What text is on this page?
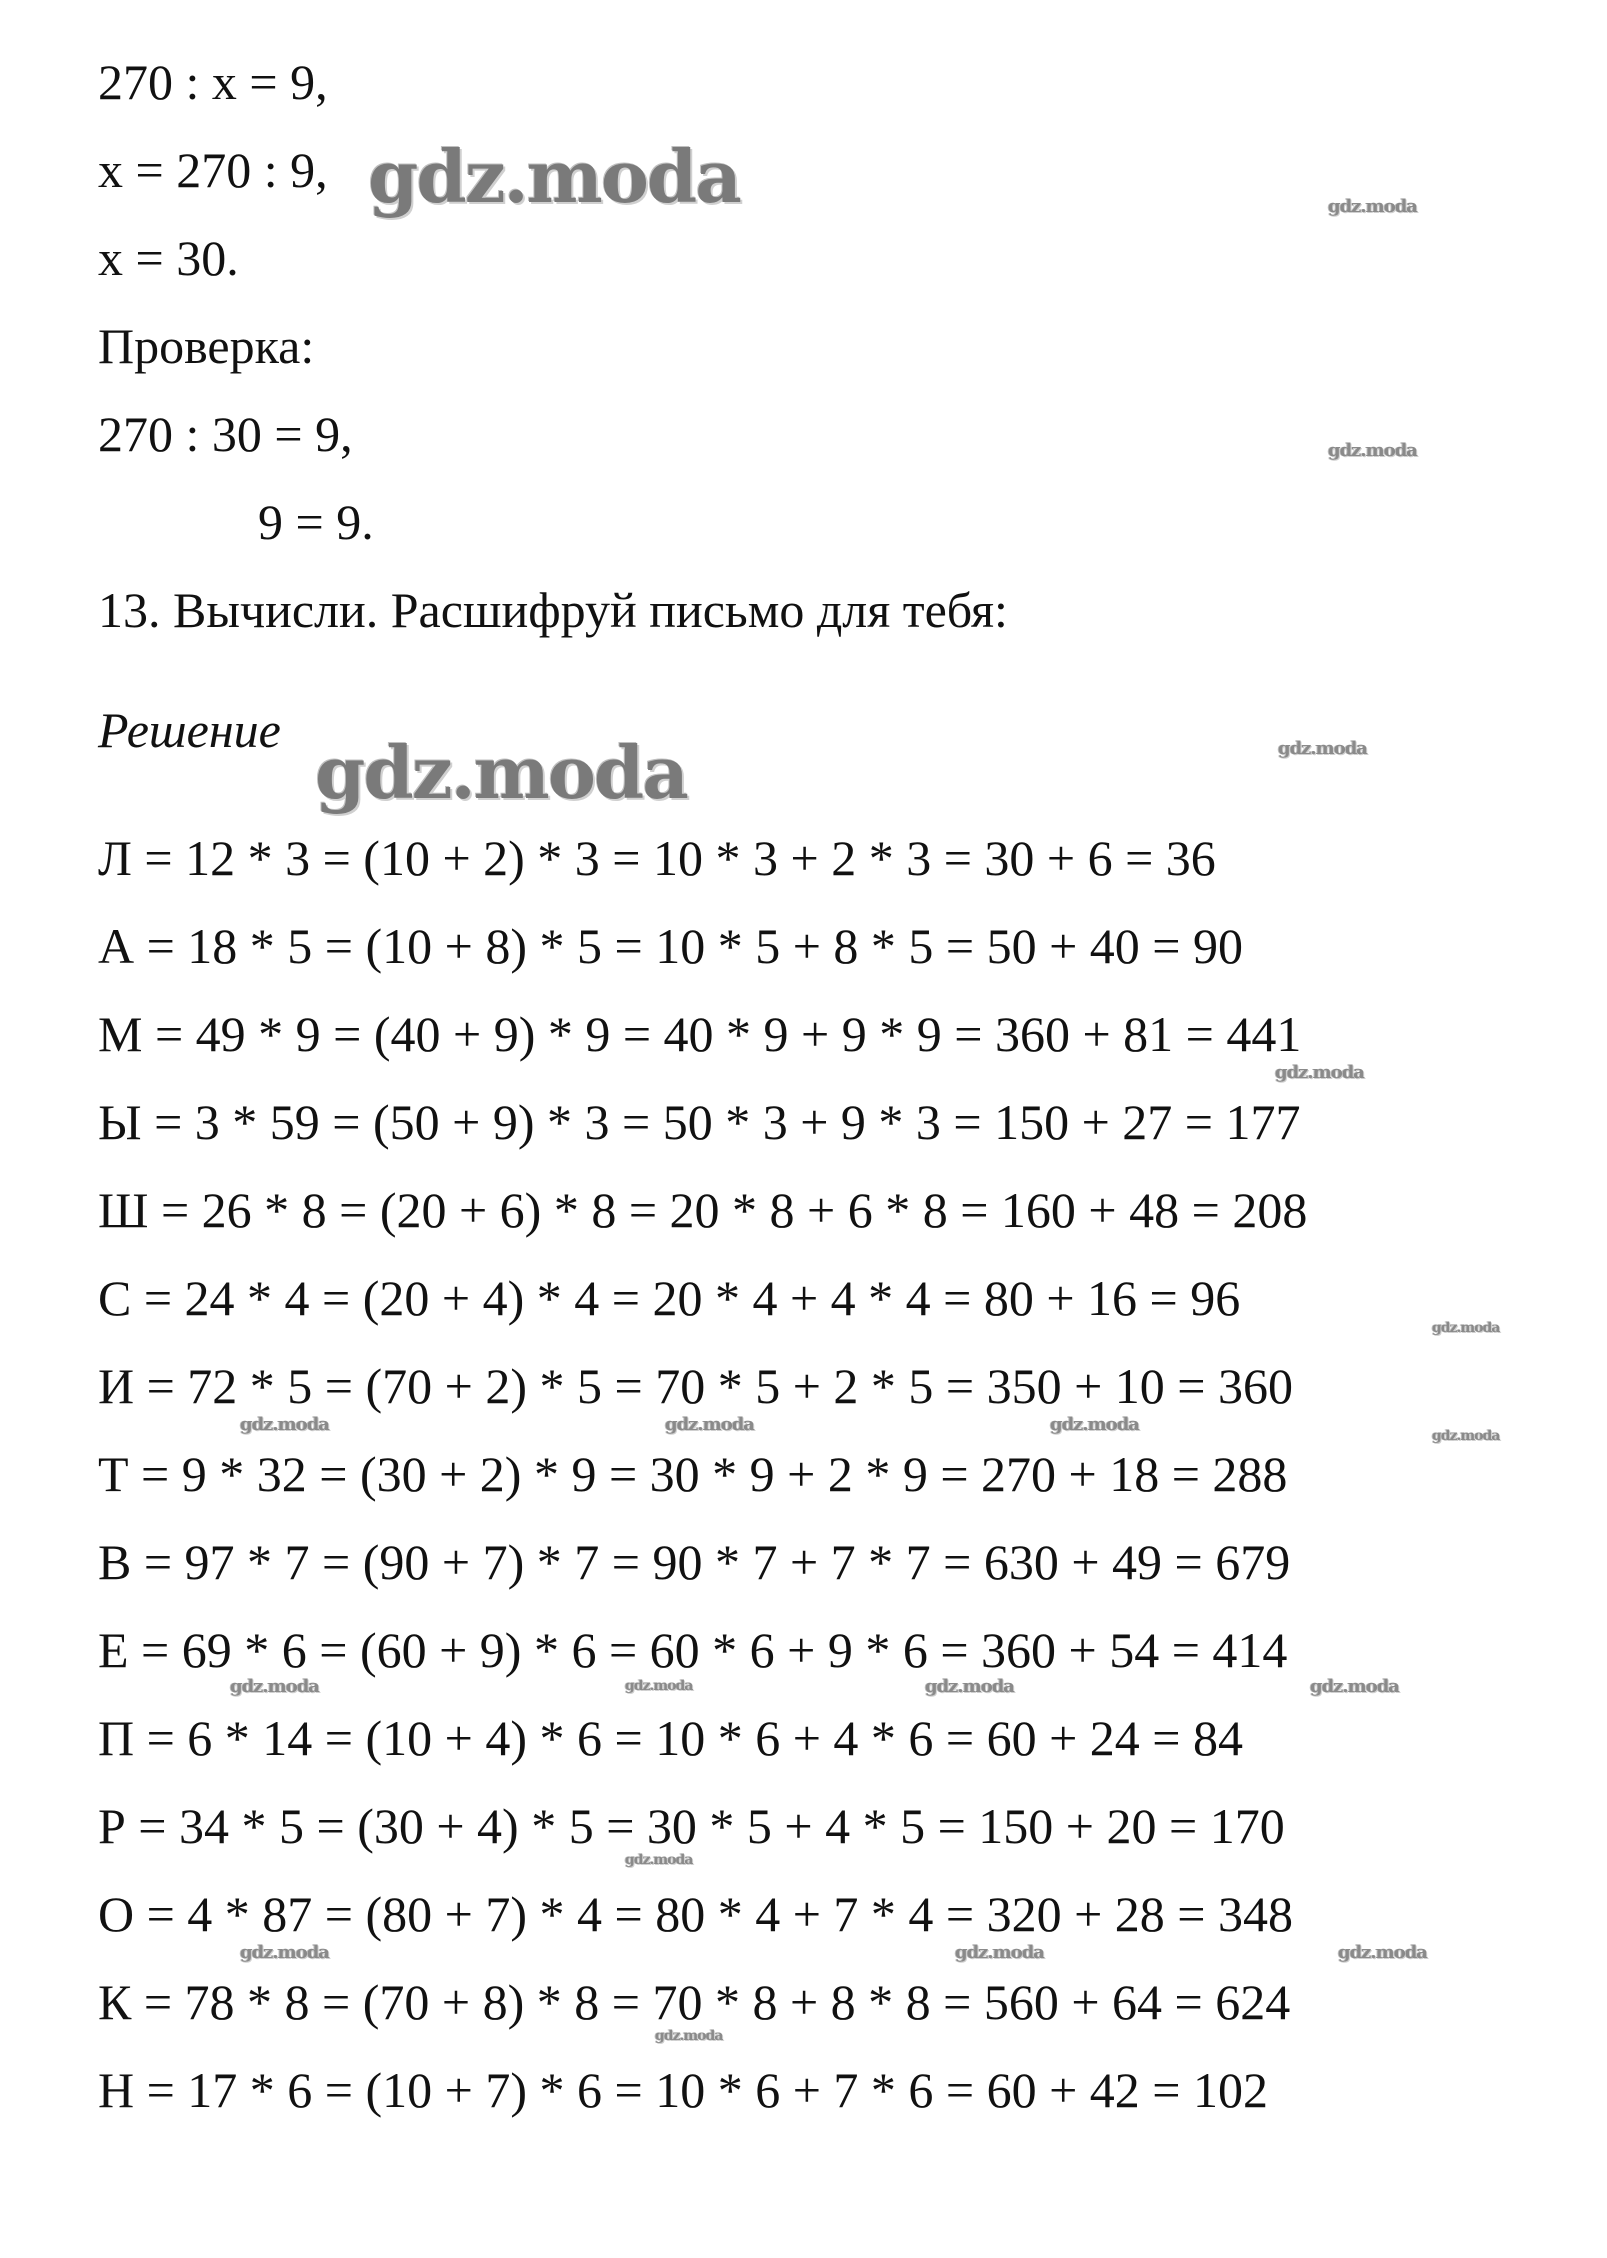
270 : x = 9,

x = 270 : 9,

x = 30.

Проверка:

270 : 30 = 9,

9 = 9.

13. Вычисли. Расшифруй письмо для тебя:

Решение

Л = 12 * 3 = (10 + 2) * 3 = 10 * 3 + 2 * 3 = 30 + 6 = 36

А = 18 * 5 = (10 + 8) * 5 = 10 * 5 + 8 * 5 = 50 + 40 = 90

М = 49 * 9 = (40 + 9) * 9 = 40 * 9 + 9 * 9 = 360 + 81 = 441

Ы = 3 * 59 = (50 + 9) * 3 = 50 * 3 + 9 * 3 = 150 + 27 = 177

Ш = 26 * 8 = (20 + 6) * 8 = 20 * 8 + 6 * 8 = 160 + 48 = 208

С = 24 * 4 = (20 + 4) * 4 = 20 * 4 + 4 * 4 = 80 + 16 = 96

И = 72 * 5 = (70 + 2) * 5 = 70 * 5 + 2 * 5 = 350 + 10 = 360

Т = 9 * 32 = (30 + 2) * 9 = 30 * 9 + 2 * 9 = 270 + 18 = 288

В = 97 * 7 = (90 + 7) * 7 = 90 * 7 + 7 * 7 = 630 + 49 = 679

Е = 69 * 6 = (60 + 9) * 6 = 60 * 6 + 9 * 6 = 360 + 54 = 414

П = 6 * 14 = (10 + 4) * 6 = 10 * 6 + 4 * 6 = 60 + 24 = 84

Р = 34 * 5 = (30 + 4) * 5 = 30 * 5 + 4 * 5 = 150 + 20 = 170

О = 4 * 87 = (80 + 7) * 4 = 80 * 4 + 7 * 4 = 320 + 28 = 348

К = 78 * 8 = (70 + 8) * 8 = 70 * 8 + 8 * 8 = 560 + 64 = 624

Н = 17 * 6 = (10 + 7) * 6 = 10 * 6 + 7 * 6 = 60 + 42 = 102

gdz.moda	gdz.moda
gdz.moda
gdz.moda	gdz.moda
gdz.moda
gdz.moda
gdz.moda	gdz.moda	gdz.moda
gdz.moda
gdz.moda	gdz.moda	gdz.moda	gdz.moda
gdz.moda
gdz.moda	gdz.moda	gdz.moda
gdz.moda
